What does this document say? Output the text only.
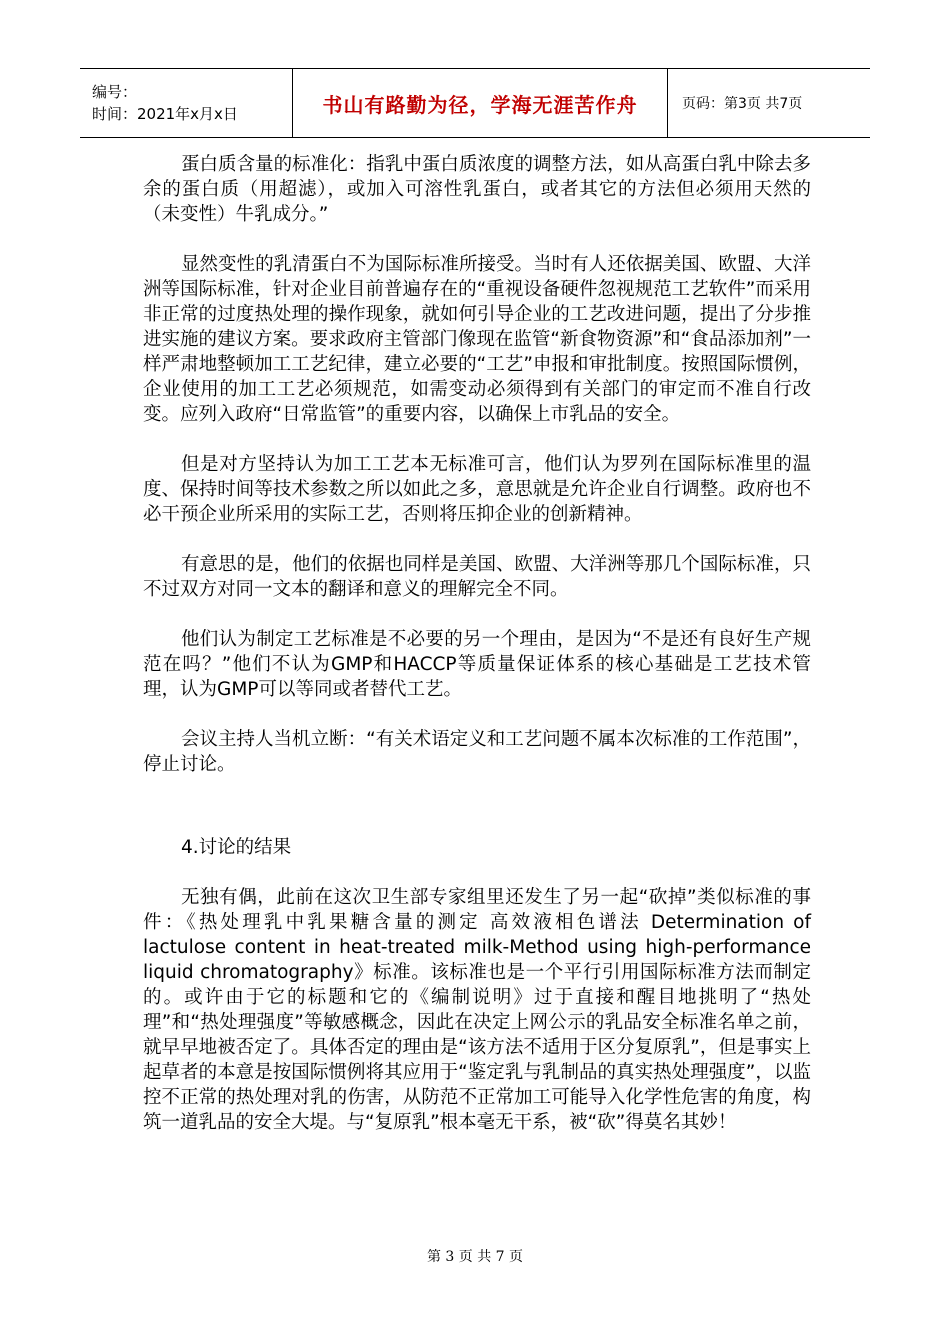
编号：
时间：2021年x月x日	书山有路勤为径，学海无涯苦作舟	页码：第3页 共7页

蛋白质含量的标准化：指乳中蛋白质浓度的调整方法，如从高蛋白乳中除去多余的蛋白质（用超滤），或加入可溶性乳蛋白，或者其它的方法但必须用天然的（未变性）牛乳成分。”

显然变性的乳清蛋白不为国际标准所接受。当时有人还依据美国、欧盟、大洋洲等国际标准，针对企业目前普遍存在的“重视设备硬件忽视规范工艺软件”而采用非正常的过度热处理的操作现象，就如何引导企业的工艺改进问题，提出了分步推进实施的建议方案。要求政府主管部门像现在监管“新食物资源”和“食品添加剂”一样严肃地整顿加工工艺纪律，建立必要的“工艺”申报和审批制度。按照国际惯例，企业使用的加工工艺必须规范，如需变动必须得到有关部门的审定而不准自行改变。应列入政府“日常监管”的重要内容，以确保上市乳品的安全。

但是对方坚持认为加工工艺本无标准可言，他们认为罗列在国际标准里的温度、保持时间等技术参数之所以如此之多，意思就是允许企业自行调整。政府也不必干预企业所采用的实际工艺，否则将压抑企业的创新精神。

有意思的是，他们的依据也同样是美国、欧盟、大洋洲等那几个国际标准，只不过双方对同一文本的翻译和意义的理解完全不同。

他们认为制定工艺标准是不必要的另一个理由，是因为“不是还有良好生产规范在吗？”他们不认为GMP和HACCP等质量保证体系的核心基础是工艺技术管理，认为GMP可以等同或者替代工艺。

会议主持人当机立断：“有关术语定义和工艺问题不属本次标准的工作范围”，停止讨论。

4.讨论的结果

无独有偶，此前在这次卫生部专家组里还发生了另一起“砍掉”类似标准的事件：《热处理乳中乳果糖含量的测定 高效液相色谱法 Determination of lactulose content in heat-treated milk-Method using high-performance liquid chromatography》标准。该标准也是一个平行引用国际标准方法而制定的。或许由于它的标题和它的《编制说明》过于直接和醒目地挑明了“热处理”和“热处理强度”等敏感概念，因此在决定上网公示的乳品安全标准名单之前，就早早地被否定了。具体否定的理由是“该方法不适用于区分复原乳”，但是事实上起草者的本意是按国际惯例将其应用于“鉴定乳与乳制品的真实热处理强度”，以监控不正常的热处理对乳的伤害，从防范不正常加工可能导入化学性危害的角度，构筑一道乳品的安全大堤。与“复原乳”根本毫无干系，被“砍”得莫名其妙！

第 3 页 共 7 页
